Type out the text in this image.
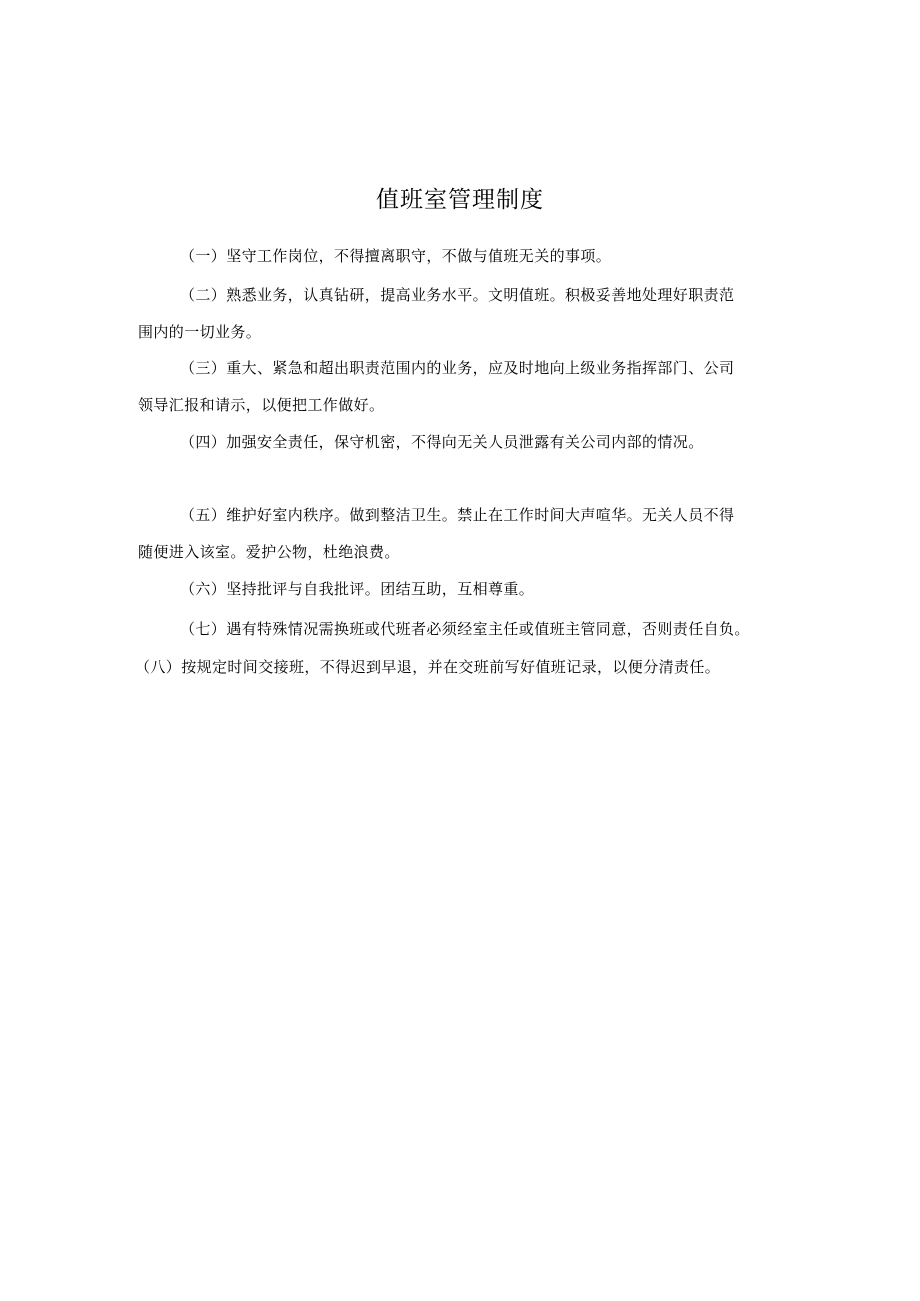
值班室管理制度
（一）坚守工作岗位，不得擅离职守，不做与值班无关的事项。
（二）熟悉业务，认真钻研，提高业务水平。文明值班。积极妥善地处理好职责范
围内的一切业务。
（三）重大、紧急和超出职责范围内的业务，应及时地向上级业务指挥部门、公司
领导汇报和请示，以便把工作做好。
（四）加强安全责任，保守机密，不得向无关人员泄露有关公司内部的情况。
（五）维护好室内秩序。做到整洁卫生。禁止在工作时间大声喧华。无关人员不得
随便进入该室。爱护公物，杜绝浪费。
（六）坚持批评与自我批评。团结互助，互相尊重。
（七）遇有特殊情况需换班或代班者必须经室主任或值班主管同意，否则责任自负。
（八）按规定时间交接班，不得迟到早退，并在交班前写好值班记录，以便分清责任。
